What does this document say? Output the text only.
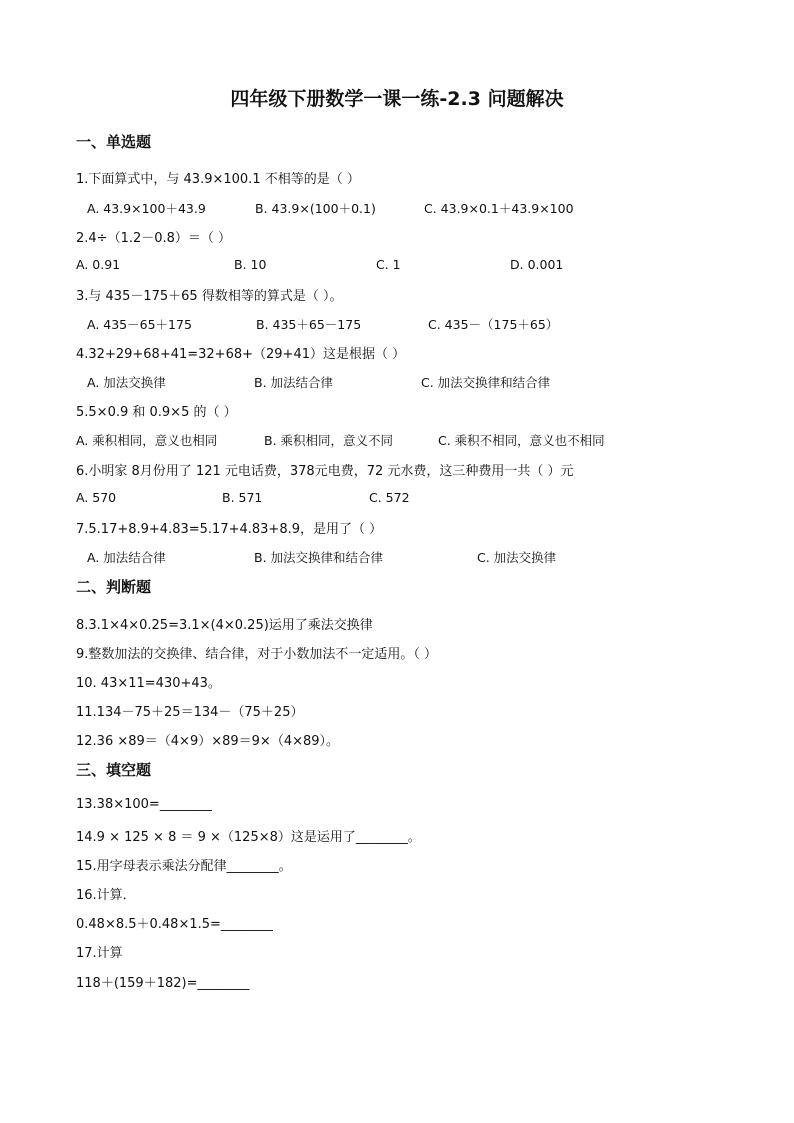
四年级下册数学一课一练-2.3 问题解决
一、单选题
1.下面算式中，与 43.9×100.1 不相等的是（ ）
A. 43.9×100＋43.9	B. 43.9×(100＋0.1)	C. 43.9×0.1＋43.9×100
2.4÷（1.2－0.8）＝（ ）
A. 0.91	B. 10	C. 1	D. 0.001
3.与 435－175＋65 得数相等的算式是（ ）。
A. 435－65＋175	B. 435＋65－175	C. 435－（175＋65）
4.32+29+68+41=32+68+（29+41）这是根据（ ）
A. 加法交换律	B. 加法结合律	C. 加法交换律和结合律
5.5×0.9 和 0.9×5 的（ ）
A. 乘积相同，意义也相同	B. 乘积相同，意义不同	C. 乘积不相同，意义也不相同
6.小明家 8月份用了 121 元电话费，378元电费，72 元水费，这三种费用一共（ ）元
A. 570	B. 571	C. 572
7.5.17+8.9+4.83=5.17+4.83+8.9，是用了（ ）
A. 加法结合律	B. 加法交换律和结合律	C. 加法交换律
二、判断题
8.3.1×4×0.25=3.1×(4×0.25)运用了乘法交换律
9.整数加法的交换律、结合律，对于小数加法不一定适用。（ ）
10. 43×11=430+43。
11.134－75＋25＝134－（75＋25）
12.36 ×89＝（4×9）×89＝9×（4×89）。
三、填空题
13.38×100=________
14.9 × 125 × 8 ＝ 9 ×（125×8）这是运用了________。
15.用字母表示乘法分配律________。
16.计算．
0.48×8.5＋0.48×1.5=________
17.计算
118＋(159＋182)=________
